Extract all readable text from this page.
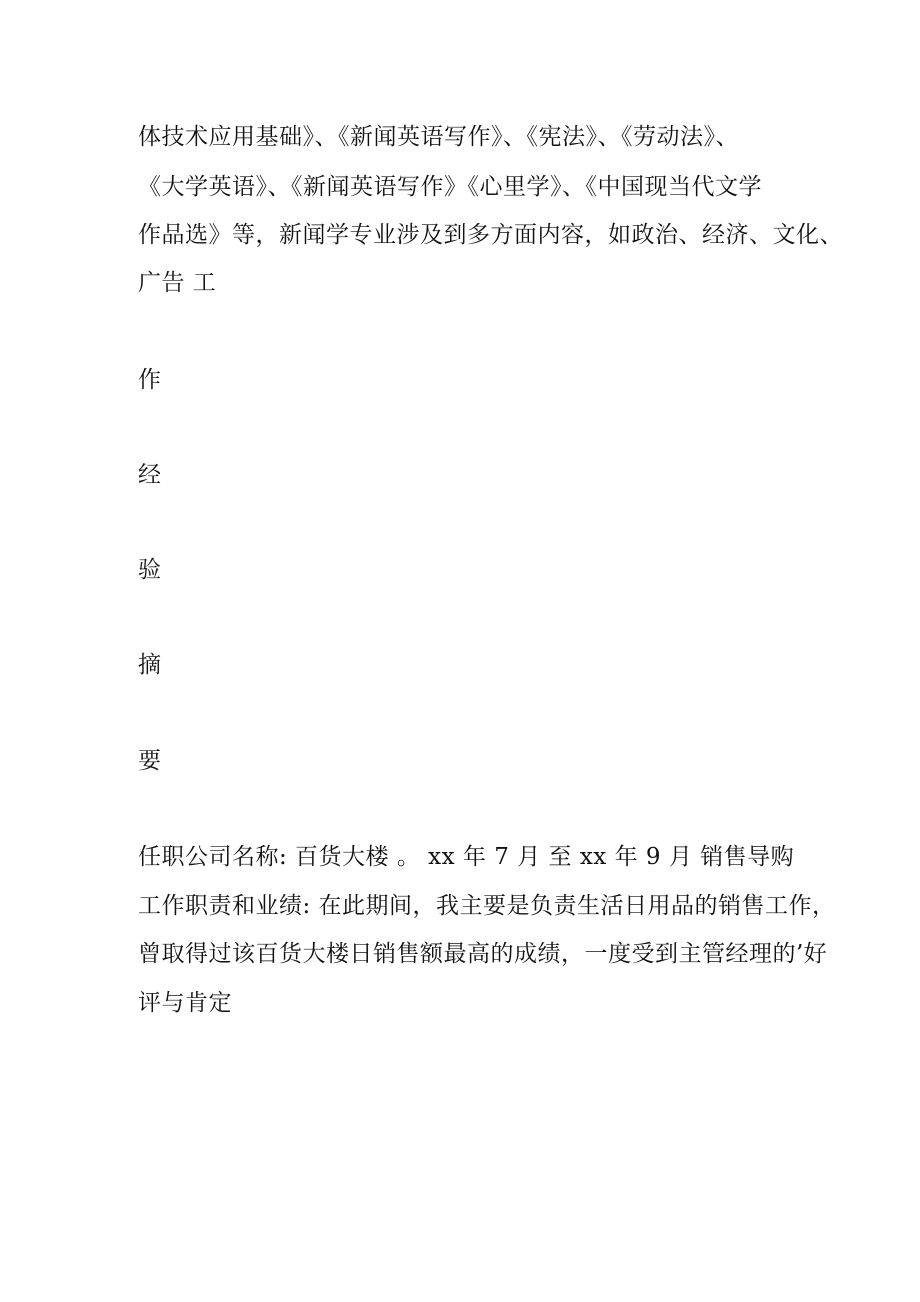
体技术应用基础》、《新闻英语写作》、《宪法》、《劳动法》、
《大学英语》、《新闻英语写作》《心里学》、《中国现当代文学
作品选》等，新闻学专业涉及到多方面内容，如政治、经济、文化、
广告 工
作
经
验
摘
要
任职公司名称: 百货大楼 。 xx 年 7 月 至 xx 年 9 月 销售导购
工作职责和业绩: 在此期间，我主要是负责生活日用品的销售工作，
曾取得过该百货大楼日销售额最高的成绩，一度受到主管经理的’好
评与肯定
